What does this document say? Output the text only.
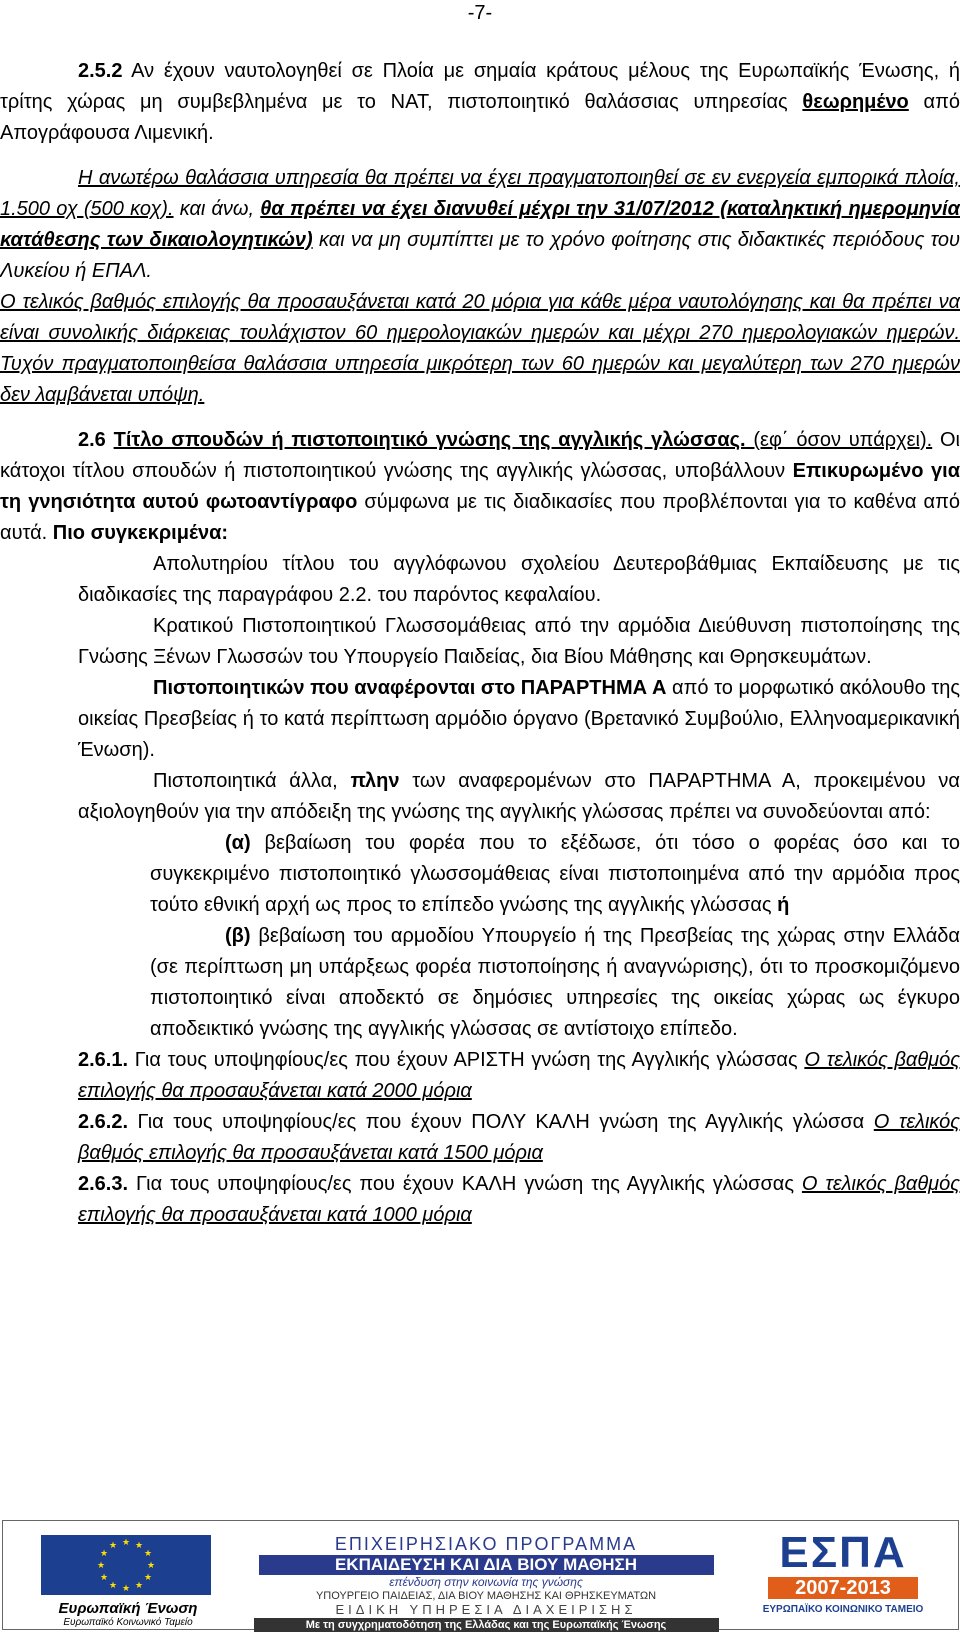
-7-

2.5.2 Αν έχουν ναυτολογηθεί σε Πλοία με σημαία κράτους μέλους της Ευρωπαϊκής Ένωσης, ή τρίτης χώρας μη συμβεβλημένα με το ΝΑΤ, πιστοποιητικό θαλάσσιας υπηρεσίας θεωρημένο από Απογράφουσα Λιμενική.

Η ανωτέρω θαλάσσια υπηρεσία θα πρέπει να έχει πραγματοποιηθεί σε εν ενεργεία εμπορικά πλοία, 1.500 οχ (500 κοχ). και άνω, θα πρέπει να έχει διανυθεί μέχρι την 31/07/2012 (καταληκτική ημερομηνία κατάθεσης των δικαιολογητικών) και να μη συμπίπτει με το χρόνο φοίτησης στις διδακτικές περιόδους του Λυκείου ή ΕΠΑΛ.

Ο τελικός βαθμός επιλογής θα προσαυξάνεται κατά 20 μόρια για κάθε μέρα ναυτολόγησης και θα πρέπει να είναι συνολικής διάρκειας τουλάχιστον 60 ημερολογιακών ημερών και μέχρι 270 ημερολογιακών ημερών. Τυχόν πραγματοποιηθείσα θαλάσσια υπηρεσία μικρότερη των 60 ημερών και μεγαλύτερη των 270 ημερών δεν λαμβάνεται υπόψη.

2.6 Τίτλο σπουδών ή πιστοποιητικό γνώσης της αγγλικής γλώσσας. (εφ΄ όσον υπάρχει). Οι κάτοχοι τίτλου σπουδών ή πιστοποιητικού γνώσης της αγγλικής γλώσσας, υποβάλλουν Επικυρωμένο για τη γνησιότητα αυτού φωτοαντίγραφο σύμφωνα με τις διαδικασίες που προβλέπονται για το καθένα από αυτά. Πιο συγκεκριμένα:

Απολυτηρίου τίτλου του αγγλόφωνου σχολείου Δευτεροβάθμιας Εκπαίδευσης με τις διαδικασίες της παραγράφου 2.2. του παρόντος κεφαλαίου.

Κρατικού Πιστοποιητικού Γλωσσομάθειας από την αρμόδια Διεύθυνση πιστοποίησης της Γνώσης Ξένων Γλωσσών του Υπουργείο Παιδείας, δια Βίου Μάθησης και Θρησκευμάτων.

Πιστοποιητικών που αναφέρονται στο ΠΑΡΑΡΤΗΜΑ Α από το μορφωτικό ακόλουθο της οικείας Πρεσβείας ή το κατά περίπτωση αρμόδιο όργανο (Βρετανικό Συμβούλιο, Ελληνοαμερικανική Ένωση).

Πιστοποιητικά άλλα, πλην των αναφερομένων στο ΠΑΡΑΡΤΗΜΑ Α, προκειμένου να αξιολογηθούν για την απόδειξη της γνώσης της αγγλικής γλώσσας πρέπει να συνοδεύονται από:

(α) βεβαίωση του φορέα που το εξέδωσε, ότι τόσο ο φορέας όσο και το συγκεκριμένο πιστοποιητικό γλωσσομάθειας είναι πιστοποιημένα από την αρμόδια προς τούτο εθνική αρχή ως προς το επίπεδο γνώσης της αγγλικής γλώσσας ή

(β) βεβαίωση του αρμοδίου Υπουργείο ή της Πρεσβείας της χώρας στην Ελλάδα (σε περίπτωση μη υπάρξεως φορέα πιστοποίησης ή αναγνώρισης), ότι το προσκομιζόμενο πιστοποιητικό είναι αποδεκτό σε δημόσιες υπηρεσίες της οικείας χώρας ως έγκυρο αποδεικτικό γνώσης της αγγλικής γλώσσας σε αντίστοιχο επίπεδο.

2.6.1. Για τους υποψηφίους/ες που έχουν ΑΡΙΣΤΗ γνώση της Αγγλικής γλώσσας Ο τελικός βαθμός επιλογής θα προσαυξάνεται κατά 2000 μόρια

2.6.2. Για τους υποψηφίους/ες που έχουν ΠΟΛΥ ΚΑΛΗ γνώση της Αγγλικής γλώσσα Ο τελικός βαθμός επιλογής θα προσαυξάνεται κατά 1500 μόρια

2.6.3. Για τους υποψηφίους/ες που έχουν ΚΑΛΗ γνώση της Αγγλικής γλώσσας Ο τελικός βαθμός επιλογής θα προσαυξάνεται κατά 1000 μόρια

★ ★
★
★
★
★
★
★
★
★
★
★
Ευρωπαϊκή Ένωση
Ευρωπαϊκό Κοινωνικό Ταμείο
ΕΠΙΧΕΙΡΗΣΙΑΚΟ ΠΡΟΓΡΑΜΜΑ
ΕΚΠΑΙΔΕΥΣΗ ΚΑΙ ΔΙΑ ΒΙΟΥ ΜΑΘΗΣΗ
επένδυση στην κοινωνία της γνώσης
ΥΠΟΥΡΓΕΙΟ ΠΑΙΔΕΙΑΣ, ΔΙΑ ΒΙΟΥ ΜΑΘΗΣΗΣ ΚΑΙ ΘΡΗΣΚΕΥΜΑΤΩΝ
ΕΙΔΙΚΗ ΥΠΗΡΕΣΙΑ ΔΙΑΧΕΙΡΙΣΗΣ
Με τη συγχρηματοδότηση της Ελλάδας και της Ευρωπαϊκής Ένωσης
ΕΣΠΑ
2007-2013
ΕΥΡΩΠΑΪΚΟ ΚΟΙΝΩΝΙΚΟ ΤΑΜΕΙΟ
